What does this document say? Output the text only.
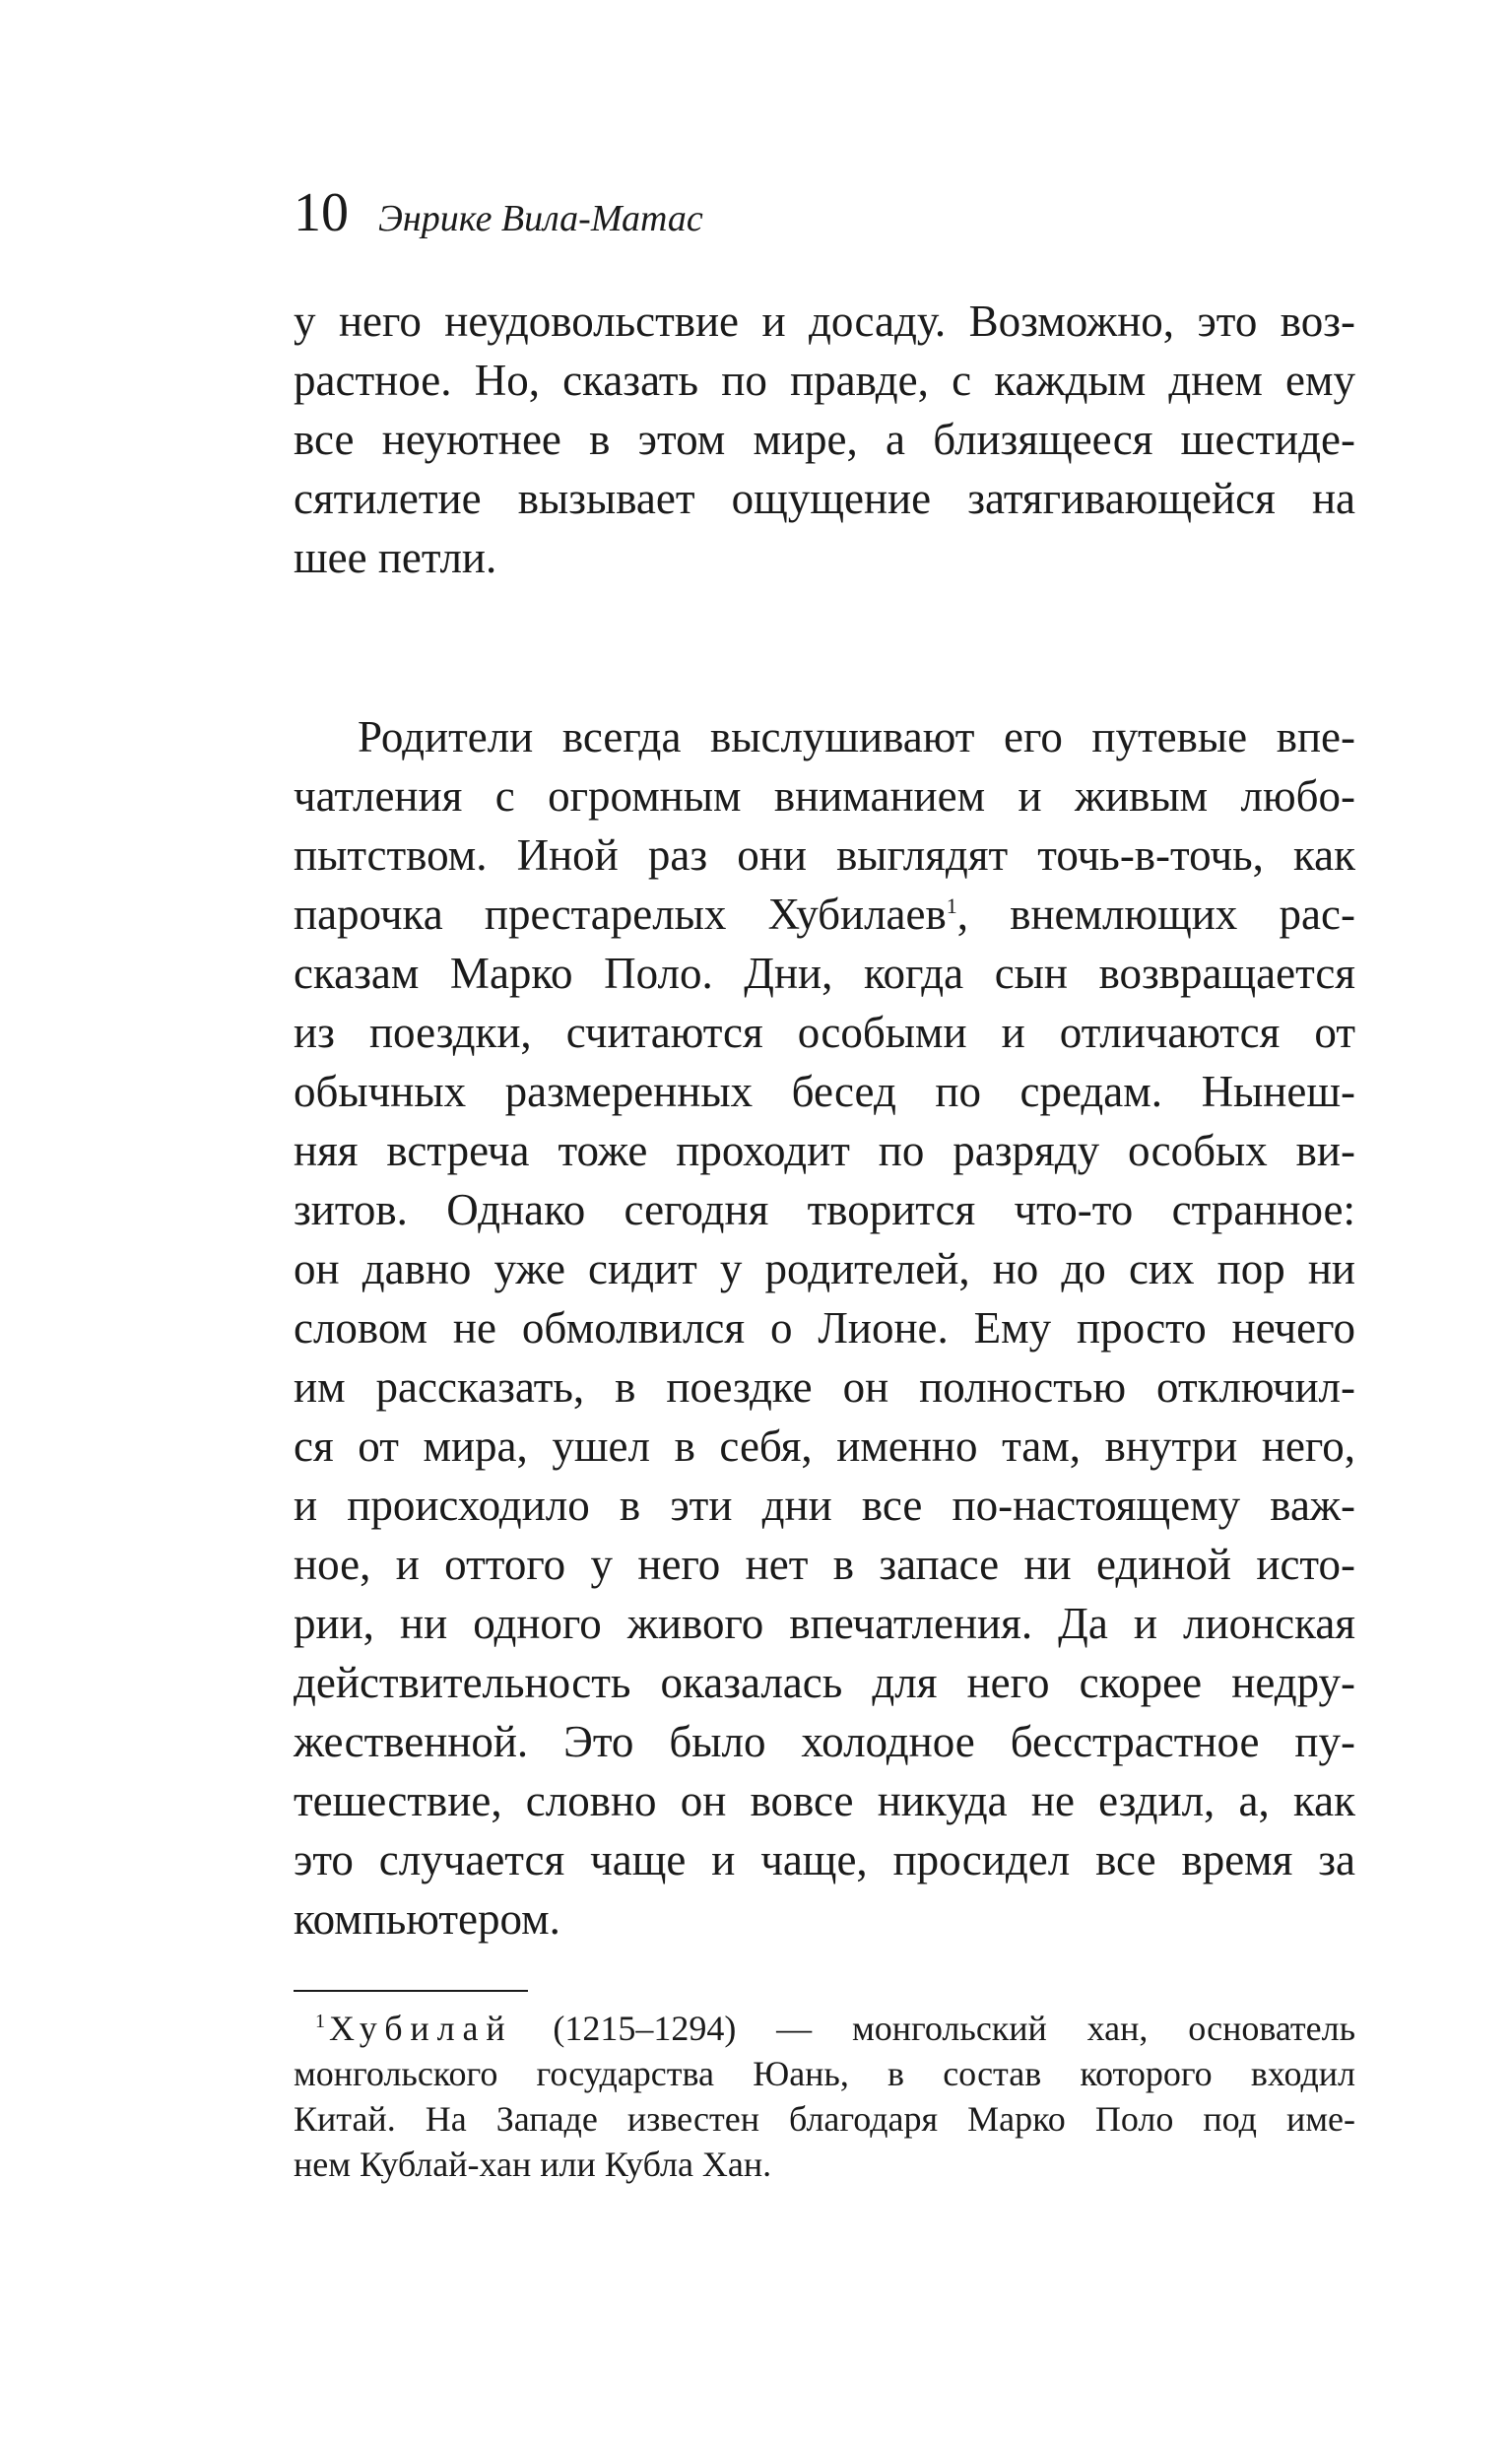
10 Энрике Вила-Матас
у него неудовольствие и досаду. Возможно, это воз-
растное. Но, сказать по правде, с каждым днем ему
все неуютнее в этом мире, а близящееся шестиде-
сятилетие вызывает ощущение затягивающейся на
шее петли.
Родители всегда выслушивают его путевые впе-
чатления с огромным вниманием и живым любо-
пытством. Иной раз они выглядят точь-в-точь, как
парочка престарелых Хубилаев$^1$, внемлющих рас-
сказам Марко Поло. Дни, когда сын возвращается
из поездки, считаются особыми и отличаются от
обычных размеренных бесед по средам. Нынеш-
няя встреча тоже проходит по разряду особых ви-
зитов. Однако сегодня творится что-то странное:
он давно уже сидит у родителей, но до сих пор ни
словом не обмолвился о Лионе. Ему просто нечего
им рассказать, в поездке он полностью отключил-
ся от мира, ушел в себя, именно там, внутри него,
и происходило в эти дни все по-настоящему важ-
ное, и оттого у него нет в запасе ни единой исто-
рии, ни одного живого впечатления. Да и лионская
действительность оказалась для него скорее недру-
жественной. Это было холодное бесстрастное пу-
тешествие, словно он вовсе никуда не ездил, а, как
это случается чаще и чаще, просидел все время за
компьютером.
$^1$ Хубилай (1215–1294) — монгольский хан, основатель
монгольского государства Юань, в состав которого входил
Китай. На Западе известен благодаря Марко Поло под име-
нем Кублай-хан или Кубла Хан.
